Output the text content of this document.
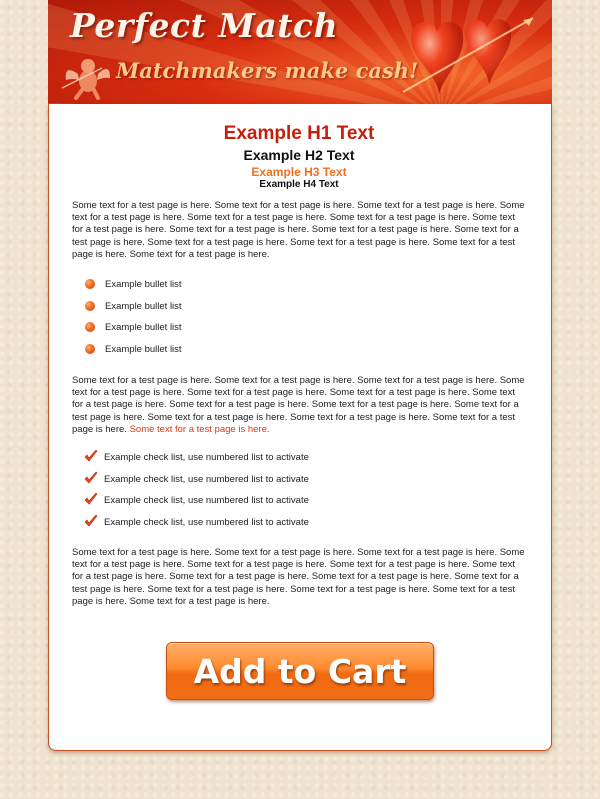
Perfect Match
Matchmakers make cash!
Example H1 Text
Example H2 Text
Example H3 Text
Example H4 Text

Some text for a test page is here. Some text for a test page is here. Some text for a test page is here. Some text for a test page is here. Some text for a test page is here. Some text for a test page is here. Some text for a test page is here. Some text for a test page is here. Some text for a test page is here. Some text for a test page is here. Some text for a test page is here. Some text for a test page is here. Some text for a test page is here. Some text for a test page is here.

Example bullet list
Example bullet list
Example bullet list
Example bullet list

Some text for a test page is here. Some text for a test page is here. Some text for a test page is here. Some text for a test page is here. Some text for a test page is here. Some text for a test page is here. Some text for a test page is here. Some text for a test page is here. Some text for a test page is here. Some text for a test page is here. Some text for a test page is here. Some text for a test page is here. Some text for a test page is here. Some text for a test page is here.

Example check list, use numbered list to activate
Example check list, use numbered list to activate
Example check list, use numbered list to activate
Example check list, use numbered list to activate

Some text for a test page is here. Some text for a test page is here. Some text for a test page is here. Some text for a test page is here. Some text for a test page is here. Some text for a test page is here. Some text for a test page is here. Some text for a test page is here. Some text for a test page is here. Some text for a test page is here. Some text for a test page is here. Some text for a test page is here. Some text for a test page is here. Some text for a test page is here.

Add to Cart
